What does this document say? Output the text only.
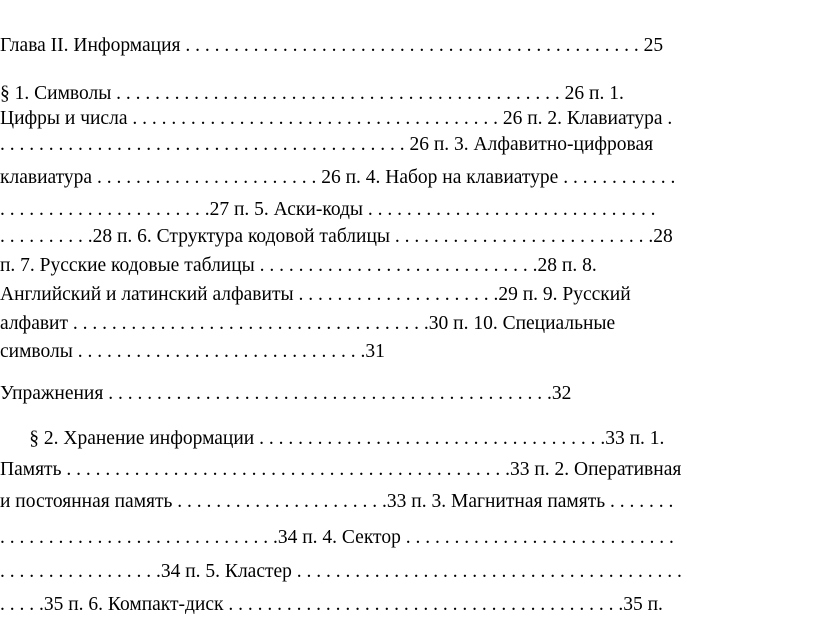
Глава II. Информация . . . . . . . . . . . . . . . . . . . . . . . . . . . . . . . . . . . . . . . . . . . . . . . 25

§ 1. Символы . . . . . . . . . . . . . . . . . . . . . . . . . . . . . . . . . . . . . . . . . . . . . . 26 п. 1.

Цифры и числа . . . . . . . . . . . . . . . . . . . . . . . . . . . . . . . . . . . . . . 26 п. 2. Клавиатура .

. . . . . . . . . . . . . . . . . . . . . . . . . . . . . . . . . . . . . . . . . . 26 п. 3. Алфавитно-цифровая

клавиатура . . . . . . . . . . . . . . . . . . . . . . . 26 п. 4. Набор на клавиатуре . . . . . . . . . . . .

. . . . . . . . . . . . . . . . . . . . . .27 п. 5. Аски-коды . . . . . . . . . . . . . . . . . . . . . . . . . . . . . .

. . . . . . . . . .28 п. 6. Структура кодовой таблицы . . . . . . . . . . . . . . . . . . . . . . . . . . .28

п. 7. Русские кодовые таблицы . . . . . . . . . . . . . . . . . . . . . . . . . . . . .28 п. 8.

Английский и латинский алфавиты . . . . . . . . . . . . . . . . . . . . .29 п. 9. Русский

алфавит . . . . . . . . . . . . . . . . . . . . . . . . . . . . . . . . . . . . .30 п. 10. Специальные

символы . . . . . . . . . . . . . . . . . . . . . . . . . . . . . .31

Упражнения . . . . . . . . . . . . . . . . . . . . . . . . . . . . . . . . . . . . . . . . . . . . . .32

§ 2. Хранение информации . . . . . . . . . . . . . . . . . . . . . . . . . . . . . . . . . . . .33 п. 1.

Память . . . . . . . . . . . . . . . . . . . . . . . . . . . . . . . . . . . . . . . . . . . . . .33 п. 2. Оперативная

и постоянная память . . . . . . . . . . . . . . . . . . . . . .33 п. 3. Магнитная память . . . . . . .

. . . . . . . . . . . . . . . . . . . . . . . . . . . . .34 п. 4. Сектор . . . . . . . . . . . . . . . . . . . . . . . . . . . .

. . . . . . . . . . . . . . . . .34 п. 5. Кластер . . . . . . . . . . . . . . . . . . . . . . . . . . . . . . . . . . . . . . . .

. . . . .35 п. 6. Компакт-диск . . . . . . . . . . . . . . . . . . . . . . . . . . . . . . . . . . . . . . . . .35 п.
